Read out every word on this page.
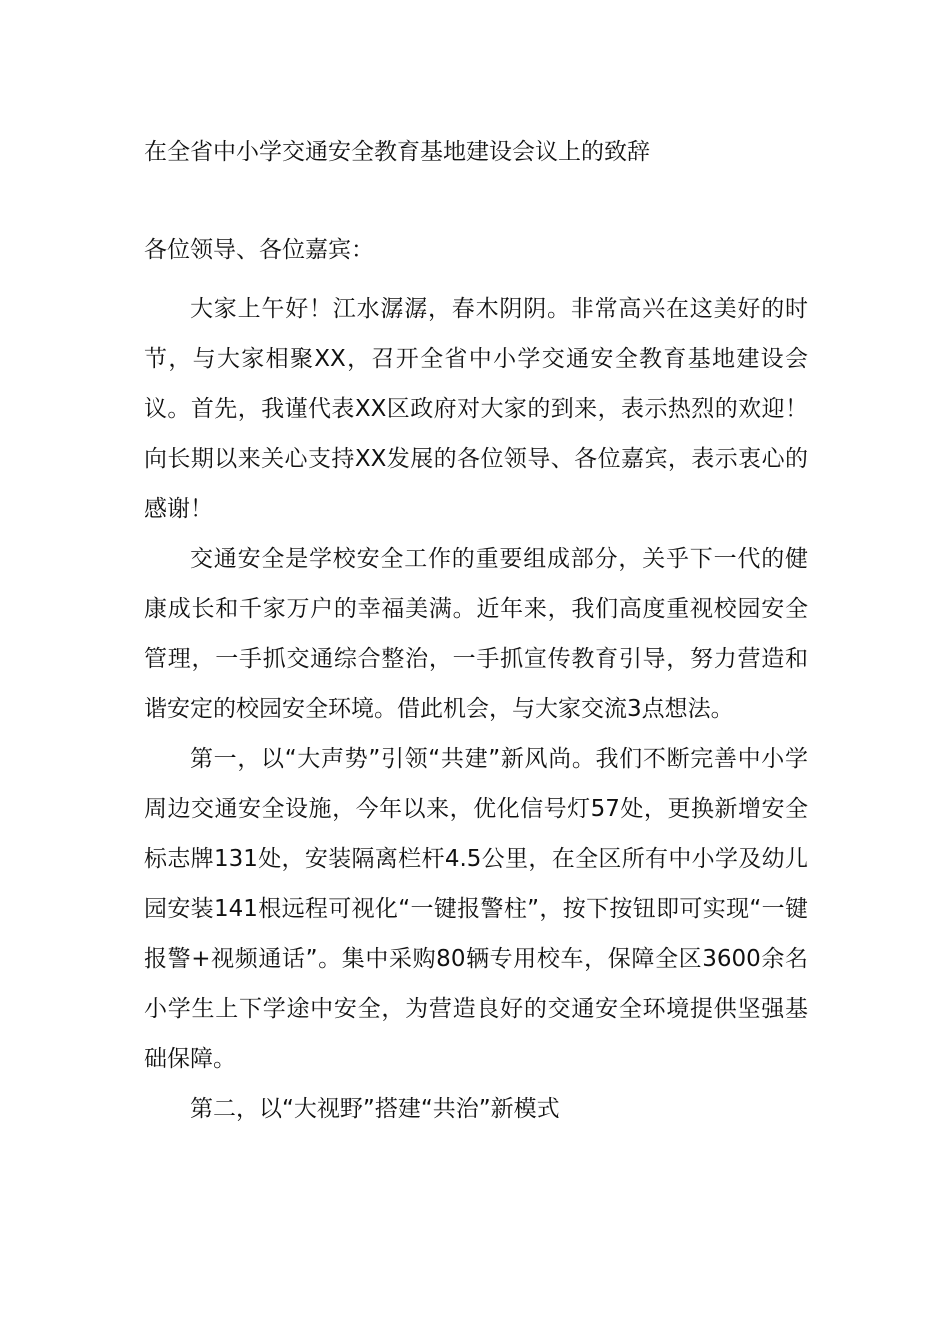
在全省中小学交通安全教育基地建设会议上的致辞
各位领导、各位嘉宾：

大家上午好！江水潺潺，春木阴阴。非常高兴在这美好的时节，与大家相聚XX，召开全省中小学交通安全教育基地建设会议。首先，我谨代表XX区政府对大家的到来，表示热烈的欢迎！向长期以来关心支持XX发展的各位领导、各位嘉宾，表示衷心的感谢！

交通安全是学校安全工作的重要组成部分，关乎下一代的健康成长和千家万户的幸福美满。近年来，我们高度重视校园安全管理，一手抓交通综合整治，一手抓宣传教育引导，努力营造和谐安定的校园安全环境。借此机会，与大家交流3点想法。

第一，以“大声势”引领“共建”新风尚。我们不断完善中小学周边交通安全设施，今年以来，优化信号灯57处，更换新增安全标志牌131处，安装隔离栏杆4.5公里，在全区所有中小学及幼儿园安装141根远程可视化“一键报警柱”，按下按钮即可实现“一键报警+视频通话”。集中采购80辆专用校车，保障全区3600余名小学生上下学途中安全，为营造良好的交通安全环境提供坚强基础保障。

第二，以“大视野”搭建“共治”新模式
